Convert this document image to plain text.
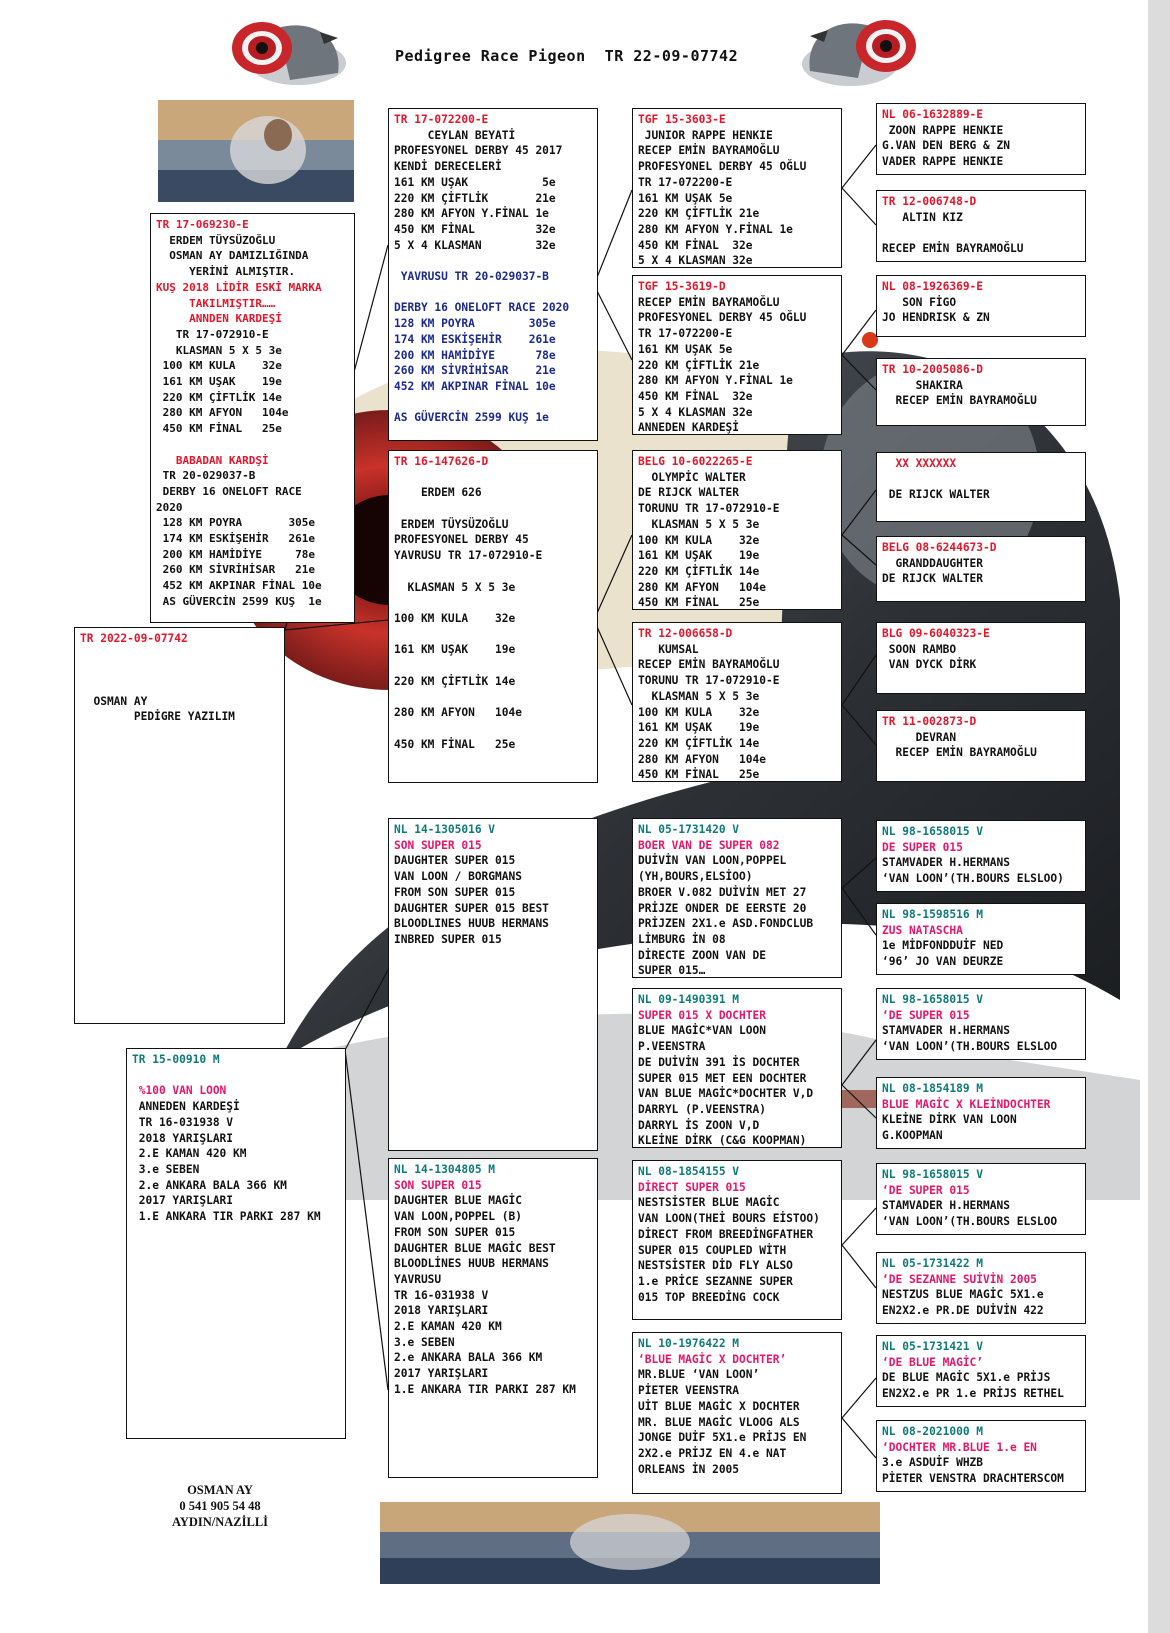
Pedigree Race Pigeon  TR 22-09-07742
TR 2022-09-07742
OSMAN AY
PEDİGRE YAZILIM
TR 17-069230-E
ERDEM TÜYSÜZOĞLU
OSMAN AY DAMIZLIĞINDA
YERİNİ ALMIŞTIR.
KUŞ 2018 LİDİR ESKİ MARKA
TAKILMIŞTIR……
ANNDEN KARDEŞİ
TR 17-072910-E
KLASMAN 5 X 5 3e
100 KM KULA    32e
161 KM UŞAK    19e
220 KM ÇİFTLİK 14e
280 KM AFYON   104e
450 KM FİNAL   25e
BABADAN KARDŞİ
TR 20-029037-B
DERBY 16 ONELOFT RACE
2020
128 KM POYRA       305e
174 KM ESKİŞEHİR   261e
200 KM HAMİDİYE     78e
260 KM SİVRİHİSAR   21e
452 KM AKPINAR FİNAL 10e
AS GÜVERCİN 2599 KUŞ  1e
TR 15-00910 M
%100 VAN LOON
ANNEDEN KARDEŞİ
TR 16-031938 V
2018 YARIŞLARI
2.E KAMAN 420 KM
3.e SEBEN
2.e ANKARA BALA 366 KM
2017 YARIŞLARI
1.E ANKARA TIR PARKI 287 KM
TR 17-072200-E
CEYLAN BEYATİ
PROFESYONEL DERBY 45 2017
KENDİ DERECELERİ
161 KM UŞAK           5e
220 KM ÇİFTLİK       21e
280 KM AFYON Y.FİNAL 1e
450 KM FİNAL         32e
5 X 4 KLASMAN        32e
YAVRUSU TR 20-029037-B
DERBY 16 ONELOFT RACE 2020
128 KM POYRA        305e
174 KM ESKİŞEHİR    261e
200 KM HAMİDİYE      78e
260 KM SİVRİHİSAR    21e
452 KM AKPINAR FİNAL 10e
AS GÜVERCİN 2599 KUŞ 1e
TR 16-147626-D
ERDEM 626
ERDEM TÜYSÜZOĞLU
PROFESYONEL DERBY 45
YAVRUSU TR 17-072910-E
KLASMAN 5 X 5 3e
100 KM KULA    32e
161 KM UŞAK    19e
220 KM ÇİFTLİK 14e
280 KM AFYON   104e
450 KM FİNAL   25e
NL 14-1305016 V
SON SUPER 015
DAUGHTER SUPER 015
VAN LOON / BORGMANS
FROM SON SUPER 015
DAUGHTER SUPER 015 BEST
BLOODLINES HUUB HERMANS
INBRED SUPER 015
NL 14-1304805 M
SON SUPER 015
DAUGHTER BLUE MAGİC
VAN LOON,POPPEL (B)
FROM SON SUPER 015
DAUGHTER BLUE MAGİC BEST
BLOODLİNES HUUB HERMANS
YAVRUSU
TR 16-031938 V
2018 YARIŞLARI
2.E KAMAN 420 KM
3.e SEBEN
2.e ANKARA BALA 366 KM
2017 YARIŞLARI
1.E ANKARA TIR PARKI 287 KM
TGF 15-3603-E
JUNIOR RAPPE HENKIE
RECEP EMİN BAYRAMOĞLU
PROFESYONEL DERBY 45 OĞLU
TR 17-072200-E
161 KM UŞAK 5e
220 KM ÇİFTLİK 21e
280 KM AFYON Y.FİNAL 1e
450 KM FİNAL  32e
5 X 4 KLASMAN 32e
TGF 15-3619-D
RECEP EMİN BAYRAMOĞLU
PROFESYONEL DERBY 45 OĞLU
TR 17-072200-E
161 KM UŞAK 5e
220 KM ÇİFTLİK 21e
280 KM AFYON Y.FİNAL 1e
450 KM FİNAL  32e
5 X 4 KLASMAN 32e
ANNEDEN KARDEŞİ
BELG 10-6022265-E
OLYMPİC WALTER
DE RIJCK WALTER
TORUNU TR 17-072910-E
KLASMAN 5 X 5 3e
100 KM KULA    32e
161 KM UŞAK    19e
220 KM ÇİFTLİK 14e
280 KM AFYON   104e
450 KM FİNAL   25e
TR 12-006658-D
KUMSAL
RECEP EMİN BAYRAMOĞLU
TORUNU TR 17-072910-E
KLASMAN 5 X 5 3e
100 KM KULA    32e
161 KM UŞAK    19e
220 KM ÇİFTLİK 14e
280 KM AFYON   104e
450 KM FİNAL   25e
NL 05-1731420 V
BOER VAN DE SUPER 082
DUİVİN VAN LOON,POPPEL
(YH,BOURS,ELSİOO)
BROER V.082 DUİVİN MET 27
PRİJZE ONDER DE EERSTE 20
PRİJZEN 2X1.e ASD.FONDCLUB
LİMBURG İN 08
DİRECTE ZOON VAN DE
SUPER 015…
NL 09-1490391 M
SUPER 015 X DOCHTER
BLUE MAGİC*VAN LOON
P.VEENSTRA
DE DUİVİN 391 İS DOCHTER
SUPER 015 MET EEN DOCHTER
VAN BLUE MAGİC*DOCHTER V,D
DARRYL (P.VEENSTRA)
DARRYL İS ZOON V,D
KLEİNE DİRK (C&G KOOPMAN)
NL 08-1854155 V
DİRECT SUPER 015
NESTSİSTER BLUE MAGİC
VAN LOON(THEİ BOURS EİSTOO)
DİRECT FROM BREEDİNGFATHER
SUPER 015 COUPLED WİTH
NESTSİSTER DİD FLY ALSO
1.e PRİCE SEZANNE SUPER
015 TOP BREEDİNG COCK
NL 10-1976422 M
‘BLUE MAGİC X DOCHTER’
MR.BLUE ‘VAN LOON’
PİETER VEENSTRA
UİT BLUE MAGİC X DOCHTER
MR. BLUE MAGİC VLOOG ALS
JONGE DUİF 5X1.e PRİJS EN
2X2.e PRİJZ EN 4.e NAT
ORLEANS İN 2005
NL 06-1632889-E
ZOON RAPPE HENKIE
G.VAN DEN BERG & ZN
VADER RAPPE HENKIE
TR 12-006748-D
ALTIN KIZ
RECEP EMİN BAYRAMOĞLU
NL 08-1926369-E
SON FİGO
JO HENDRISK & ZN
TR 10-2005086-D
SHAKIRA
RECEP EMİN BAYRAMOĞLU
XX XXXXXX
DE RIJCK WALTER
BELG 08-6244673-D
GRANDDAUGHTER
DE RIJCK WALTER
BLG 09-6040323-E
SOON RAMBO
VAN DYCK DİRK
TR 11-002873-D
DEVRAN
RECEP EMİN BAYRAMOĞLU
NL 98-1658015 V
DE SUPER 015
STAMVADER H.HERMANS
‘VAN LOON’(TH.BOURS ELSLOO)
NL 98-1598516 M
ZUS NATASCHA
1e MİDFONDDUİF NED
‘96’ JO VAN DEURZE
NL 98-1658015 V
‘DE SUPER 015
STAMVADER H.HERMANS
‘VAN LOON’(TH.BOURS ELSLOO
NL 08-1854189 M
BLUE MAGİC X KLEİNDOCHTER
KLEİNE DİRK VAN LOON
G.KOOPMAN
NL 98-1658015 V
‘DE SUPER 015
STAMVADER H.HERMANS
‘VAN LOON’(TH.BOURS ELSLOO
NL 05-1731422 M
‘DE SEZANNE SUİVİN 2005
NESTZUS BLUE MAGİC 5X1.e
EN2X2.e PR.DE DUİVİN 422
NL 05-1731421 V
‘DE BLUE MAGİC’
DE BLUE MAGİC 5X1.e PRİJS
EN2X2.e PR 1.e PRİJS RETHEL
NL 08-2021000 M
‘DOCHTER MR.BLUE 1.e EN
3.e ASDUİF WHZB
PİETER VENSTRA DRACHTERSCOM
OSMAN AY
0 541 905 54 48
AYDIN/NAZİLLİ
